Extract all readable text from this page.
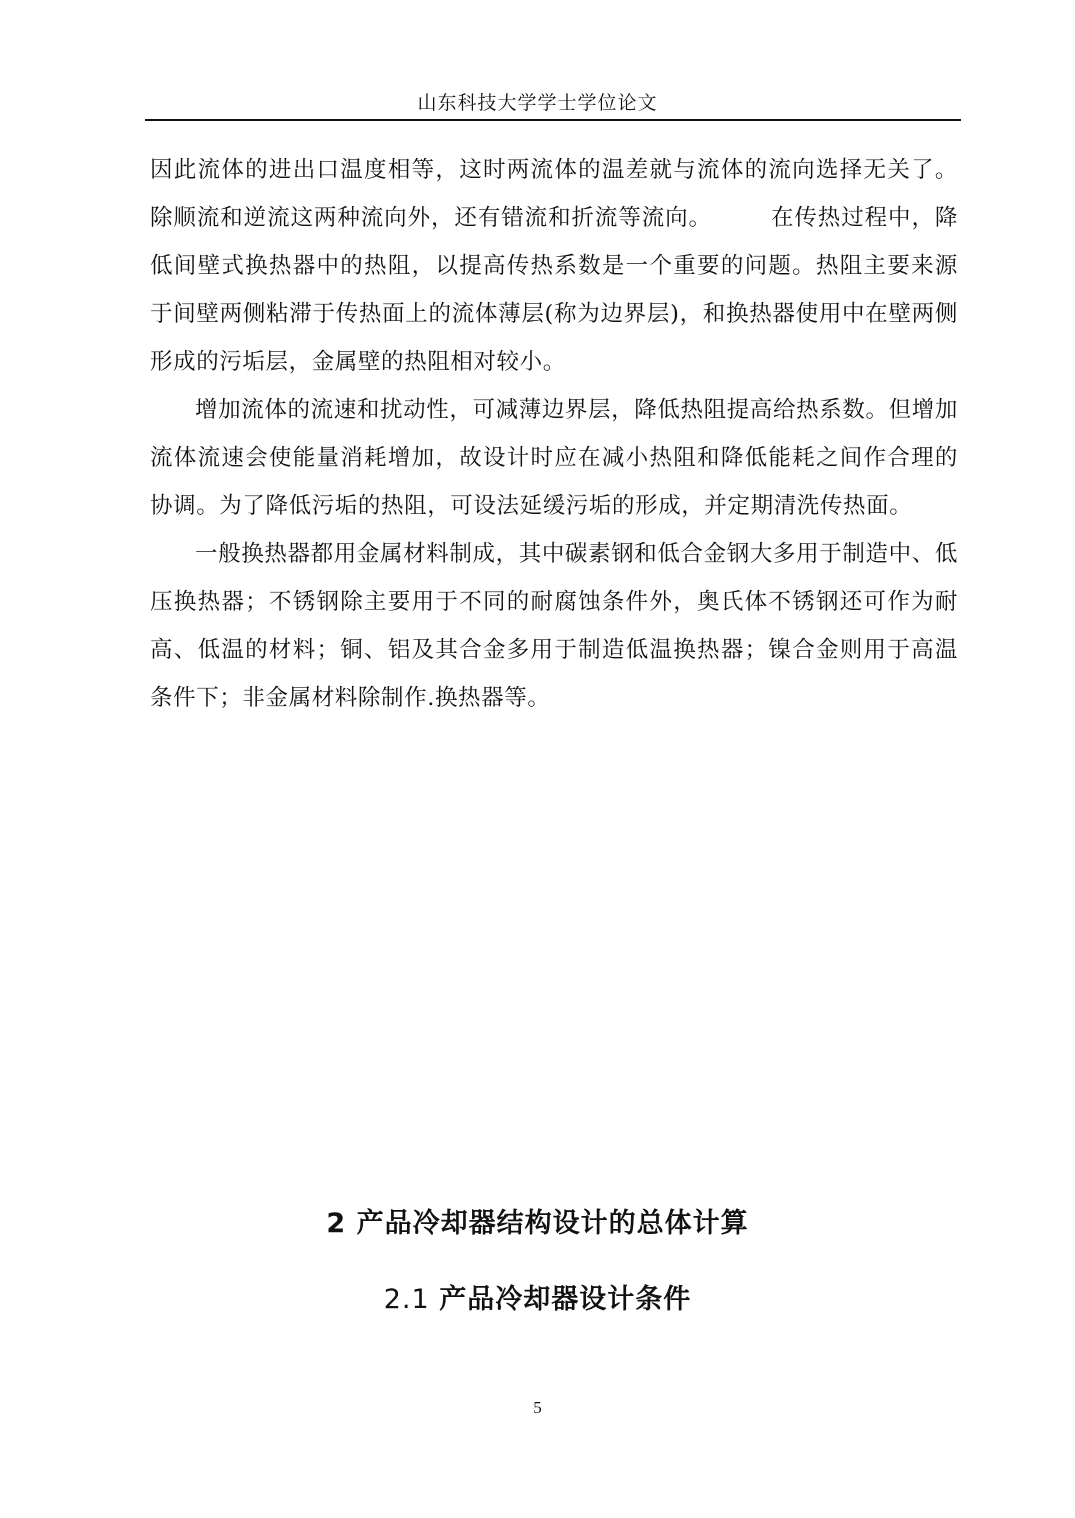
山东科技大学学士学位论文

因此流体的进出口温度相等，这时两流体的温差就与流体的流向选择无关了。除顺流和逆流这两种流向外，还有错流和折流等流向。　　　在传热过程中，降低间壁式换热器中的热阻，以提高传热系数是一个重要的问题。热阻主要来源于间壁两侧粘滞于传热面上的流体薄层(称为边界层)，和换热器使用中在壁两侧形成的污垢层，金属壁的热阻相对较小。

增加流体的流速和扰动性，可减薄边界层，降低热阻提高给热系数。但增加流体流速会使能量消耗增加，故设计时应在减小热阻和降低能耗之间作合理的协调。为了降低污垢的热阻，可设法延缓污垢的形成，并定期清洗传热面。

一般换热器都用金属材料制成，其中碳素钢和低合金钢大多用于制造中、低压换热器；不锈钢除主要用于不同的耐腐蚀条件外，奥氏体不锈钢还可作为耐高、低温的材料；铜、铝及其合金多用于制造低温换热器；镍合金则用于高温条件下；非金属材料除制作.换热器等。

2 产品冷却器结构设计的总体计算
2.1 产品冷却器设计条件
5
